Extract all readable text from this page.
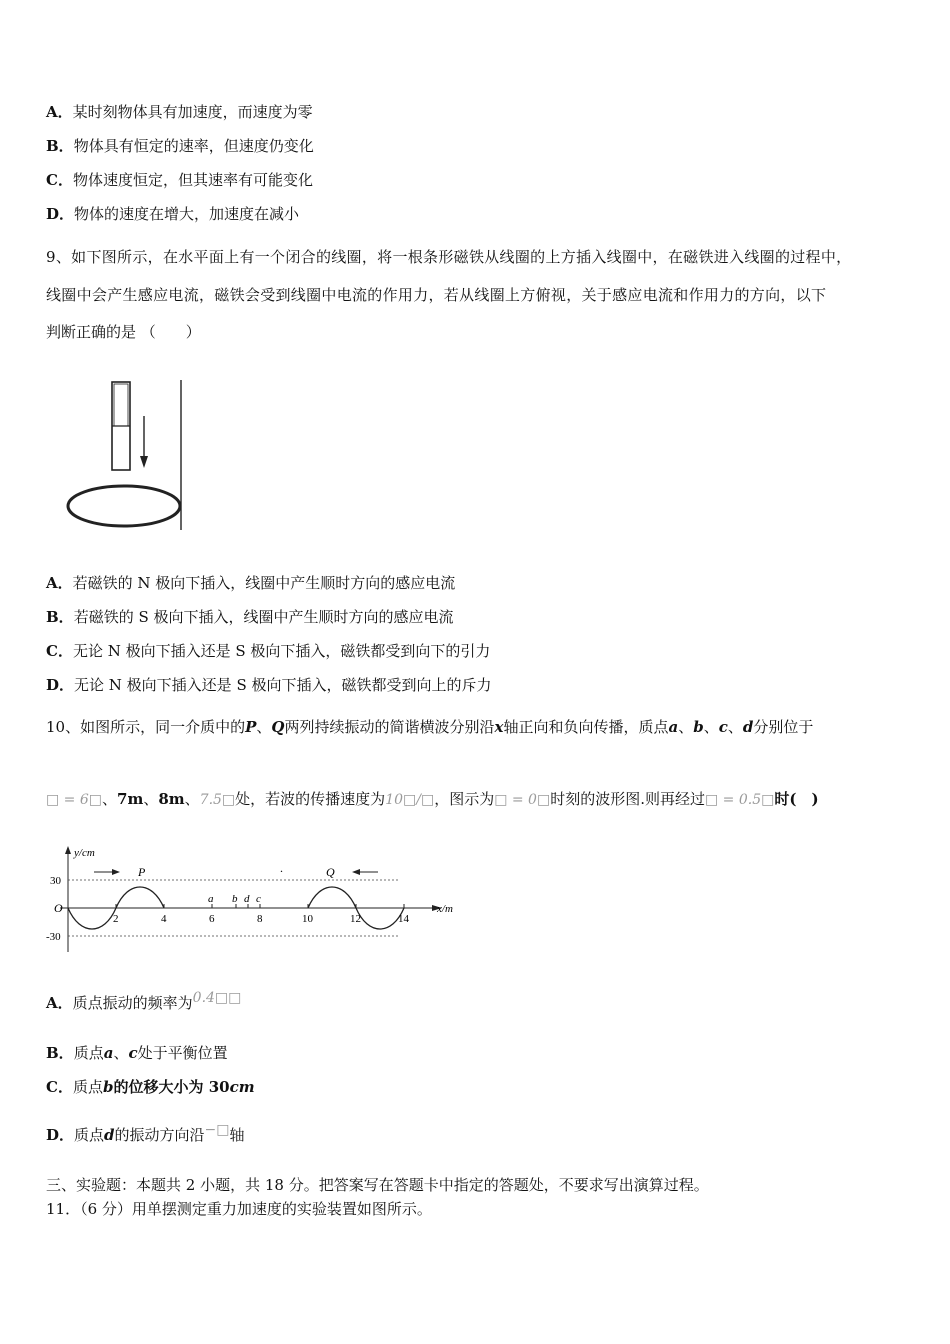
A．某时刻物体具有加速度，而速度为零
B．物体具有恒定的速率，但速度仍变化
C．物体速度恒定，但其速率有可能变化
D．物体的速度在增大，加速度在减小
9、如下图所示，在水平面上有一个闭合的线圈，将一根条形磁铁从线圈的上方插入线圈中，在磁铁进入线圈的过程中，
线圈中会产生感应电流，磁铁会受到线圈中电流的作用力，若从线圈上方俯视，关于感应电流和作用力的方向，以下
判断正确的是 （　　）
A．若磁铁的 N 极向下插入，线圈中产生顺时方向的感应电流
B．若磁铁的 S 极向下插入，线圈中产生顺时方向的感应电流
C．无论 N 极向下插入还是 S 极向下插入，磁铁都受到向下的引力
D．无论 N 极向下插入还是 S 极向下插入，磁铁都受到向上的斥力
10、如图所示，同一介质中的P、Q两列持续振动的简谐横波分别沿x轴正向和负向传播，质点a、b、c、d分别位于
□ = 6□、7m、8m、7.5□处，若波的传播速度为10□/□，图示为□ = 0□时刻的波形图.则再经过□ = 0.5□时(　)
y/cm
x/m
O
30
-30
2	4	6	8	10	12	14
P	Q
a b d c
.
A．质点振动的频率为0.4□□
B．质点a、c处于平衡位置
C．质点b的位移大小为 30cm
D．质点d的振动方向沿−□轴
三、实验题：本题共 2 小题，共 18 分。把答案写在答题卡中指定的答题处，不要求写出演算过程。
11．（6 分）用单摆测定重力加速度的实验装置如图所示。
